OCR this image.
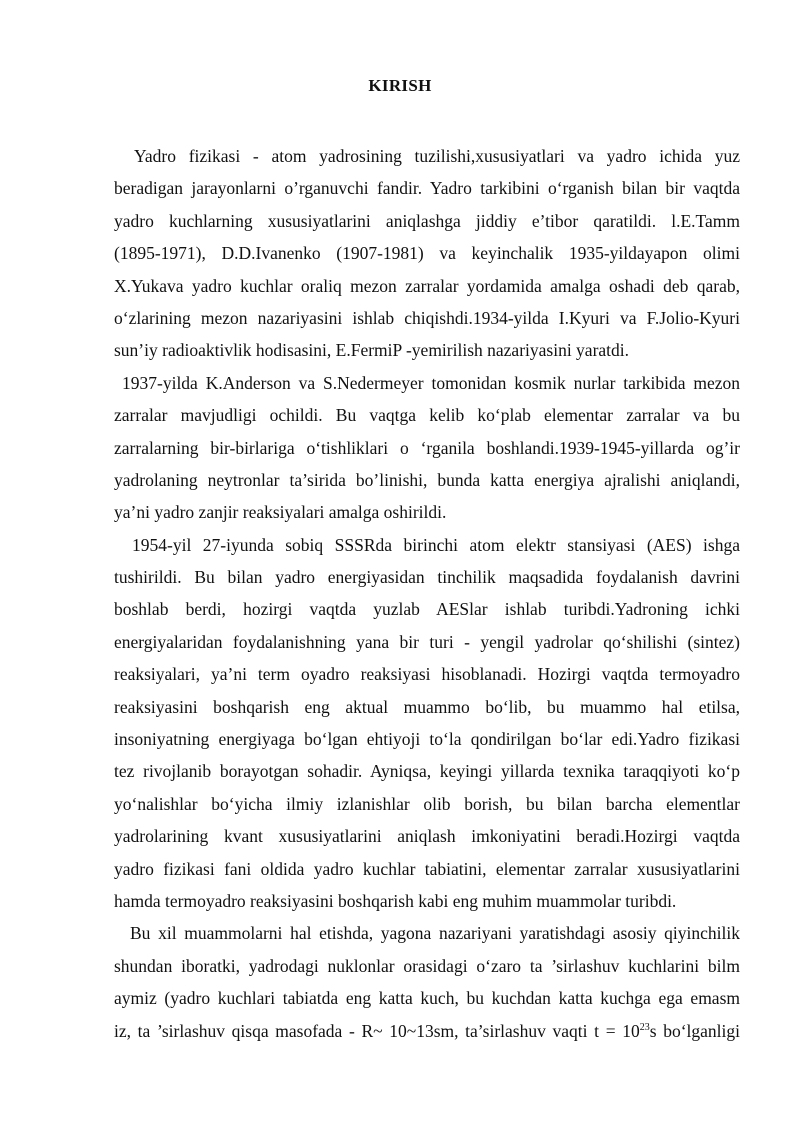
KIRISH
Yadro fizikasi - atom yadrosining tuzilishi,xususiyatlari va yadro ichida yuz
beradigan jarayonlarni o’rganuvchi fandir. Yadro tarkibini o‘rganish bilan bir vaqtda
yadro kuchlarning xususiyatlarini aniqlashga jiddiy e’tibor qaratildi. l.E.Tamm
(1895-1971), D.D.Ivanenko (1907-1981) va keyinchalik 1935-yildayapon olimi
X.Yukava yadro kuchlar oraliq mezon zarralar yordamida amalga oshadi deb qarab,
o‘zlarining mezon nazariyasini ishlab chiqishdi.1934-yilda I.Kyuri va F.Jolio-Kyuri
sun’iy radioaktivlik hodisasini, E.FermiP -yemirilish nazariyasini yaratdi.
1937-yilda K.Anderson va S.Nedermeyer tomonidan kosmik nurlar tarkibida mezon
zarralar mavjudligi ochildi. Bu vaqtga kelib ko‘plab elementar zarralar va bu
zarralarning bir-birlariga o‘tishliklari o ‘rganila boshlandi.1939-1945-yillarda og’ir
yadrolaning neytronlar ta’sirida bo’linishi, bunda katta energiya ajralishi aniqlandi,
ya’ni yadro zanjir reaksiyalari amalga oshirildi.
1954-yil 27-iyunda sobiq SSSRda birinchi atom elektr stansiyasi (AES) ishga
tushirildi. Bu bilan yadro energiyasidan tinchilik maqsadida foydalanish davrini
boshlab berdi, hozirgi vaqtda yuzlab AESlar ishlab turibdi.Yadroning ichki
energiyalaridan foydalanishning yana bir turi - yengil yadrolar qo‘shilishi (sintez)
reaksiyalari, ya’ni term oyadro reaksiyasi hisoblanadi. Hozirgi vaqtda termoyadro
reaksiyasini boshqarish eng aktual muammo bo‘lib, bu muammo hal etilsa,
insoniyatning energiyaga bo‘lgan ehtiyoji to‘la qondirilgan bo‘lar edi.Yadro fizikasi
tez rivojlanib borayotgan sohadir. Ayniqsa, keyingi yillarda texnika taraqqiyoti ko‘p
yo‘nalishlar bo‘yicha ilmiy izlanishlar olib borish, bu bilan barcha elementlar
yadrolarining kvant xususiyatlarini aniqlash imkoniyatini beradi.Hozirgi vaqtda
yadro fizikasi fani oldida yadro kuchlar tabiatini, elementar zarralar xususiyatlarini
hamda termoyadro reaksiyasini boshqarish kabi eng muhim muammolar turibdi.
Bu xil muammolarni hal etishda, yagona nazariyani yaratishdagi asosiy qiyinchilik
shundan iboratki, yadrodagi nuklonlar orasidagi o‘zaro ta ’sirlashuv kuchlarini bilm
aymiz (yadro kuchlari tabiatda eng katta kuch, bu kuchdan katta kuchga ega emasm
iz, ta ’sirlashuv qisqa masofada - R~ 10~13sm, ta’sirlashuv vaqti $t = 10^{23}s$ bo‘lganligi
